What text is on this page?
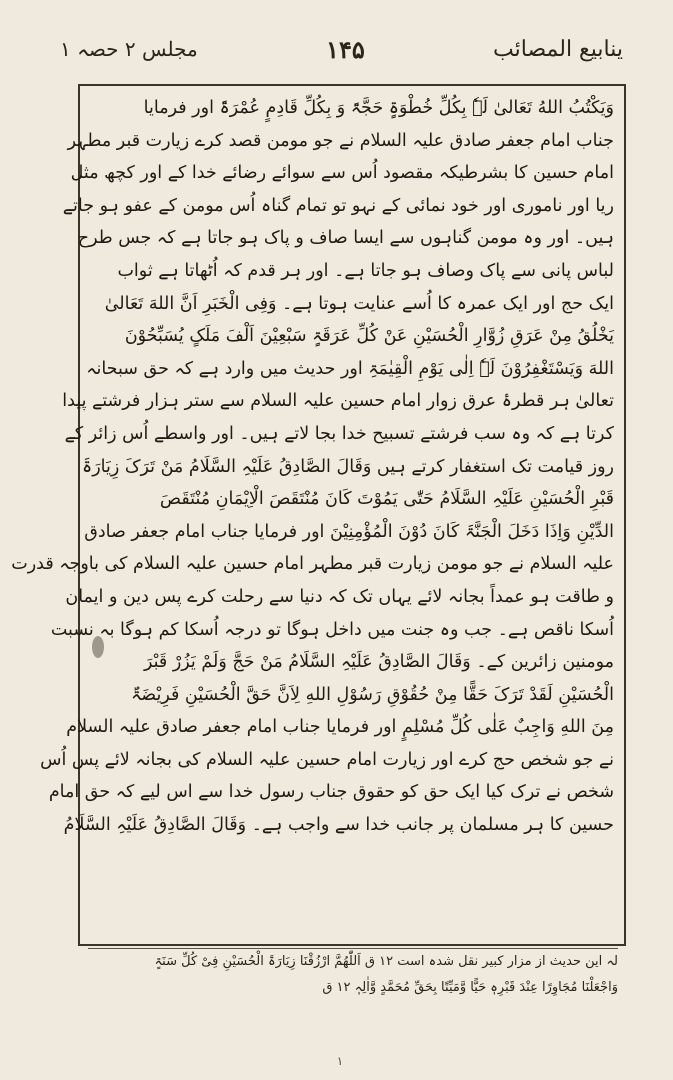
مجلس ۲ حصہ ۱	۱۴۵	ینابیع المصائب
وَیَکْتُبُ اللهُ تَعَالیٰ لَہٗ بِکُلِّ خُطْوَۃٍ حَجَّۃً وَ بِکُلِّ قَادِمٍ عُمْرَۃً اور فرمایا
جناب امام جعفر صادق علیہ السلام نے جو مومن قصد کرے زیارت قبر مطہر
امام حسین کا بشرطیکہ مقصود اُس سے سوائے رضائے خدا کے اور کچھ مثل
ریا اور ناموری اور خود نمائی کے نہو تو تمام گناہ اُس مومن کے عفو ہو جاتے
ہیں۔ اور وہ مومن گناہوں سے ایسا صاف و پاک ہو جاتا ہے کہ جس طرح
لباس پانی سے پاک وصاف ہو جاتا ہے۔ اور ہر قدم کہ اُٹھاتا ہے ثواب
ایک حج اور ایک عمرہ کا اُسے عنایت ہوتا ہے۔ وَفِی الْخَبَرِ اَنَّ اللهَ تَعَالیٰ
یَخْلُقُ مِنْ عَرَقِ زُوَّارِ الْحُسَیْنِ عَنْ کُلِّ عَرَقَۃٍ سَبْعِیْنَ اَلْفَ مَلَکٍ یُسَبِّحُوْنَ
اللهَ وَیَسْتَغْفِرُوْنَ لَہٗ اِلٰی یَوْمِ الْقِیٰمَۃِ اور حدیث میں وارد ہے کہ حق سبحانہ
تعالیٰ ہر قطرۂ عرق زوار امام حسین علیہ السلام سے ستر ہزار فرشتے پیدا
کرتا ہے کہ وہ سب فرشتے تسبیح خدا بجا لاتے ہیں۔ اور واسطے اُس زائر کے
روز قیامت تک استغفار کرتے ہیں وَقَالَ الصَّادِقُ عَلَیْہِ السَّلَامُ مَنْ تَرَکَ زِیَارَۃَ
قَبْرِ الْحُسَیْنِ عَلَیْہِ السَّلَامُ حَتّٰی یَمُوْتَ کَانَ مُنْتَقَصَ الْاِیْمَانِ مُنْتَقَصَ
الدِّیْنِ وَاِذَا دَخَلَ الْجَنَّۃَ کَانَ دُوْنَ الْمُؤْمِنِیْنَ اور فرمایا جناب امام جعفر صادق
علیہ السلام نے جو مومن زیارت قبر مطہر امام حسین علیہ السلام کی باوجہ قدرت
و طاقت ہو عمداً بجانہ لائے یہاں تک کہ دنیا سے رحلت کرے پس دین و ایمان
اُسکا ناقص ہے۔ جب وہ جنت میں داخل ہوگا تو درجہ اُسکا کم ہوگا بہ نسبت
مومنین زائرین کے۔ وَقَالَ الصَّادِقُ عَلَیْہِ السَّلَامُ مَنْ حَجَّ وَلَمْ یَزُرْ قَبْرَ
الْحُسَیْنِ لَقَدْ تَرَکَ حَقًّا مِنْ حُقُوْقِ رَسُوْلِ اللهِ لِاَنَّ حَقَّ الْحُسَیْنِ فَرِیْضَۃٌ
مِنَ اللهِ وَاجِبٌ عَلٰی کُلِّ مُسْلِمٍ اور فرمایا جناب امام جعفر صادق علیہ السلام
نے جو شخص حج کرے اور زیارت امام حسین علیہ السلام کی بجانہ لائے پس اُس
شخص نے ترک کیا ایک حق کو حقوق جناب رسول خدا سے اس لیے کہ حق امام
حسین کا ہر مسلمان پر جانب خدا سے واجب ہے۔ وَقَالَ الصَّادِقُ عَلَیْہِ السَّلَامُ
لہ این حدیث از مزار کبیر نقل شدہ است ۱۲ ق اَللّٰھُمَّ ارْزُقْنَا زِیَارَۃَ الْحُسَیْنِ فِیْ کُلِّ سَنَۃٍ
وَاجْعَلْنَا مُجَاوِرًا عِنْدَ قَبْرِہٖ حَیًّا وَّمَیِّتًا بِحَقِّ مُحَمَّدٍ وَّاٰلِہٖ ۱۲ ق
۱
